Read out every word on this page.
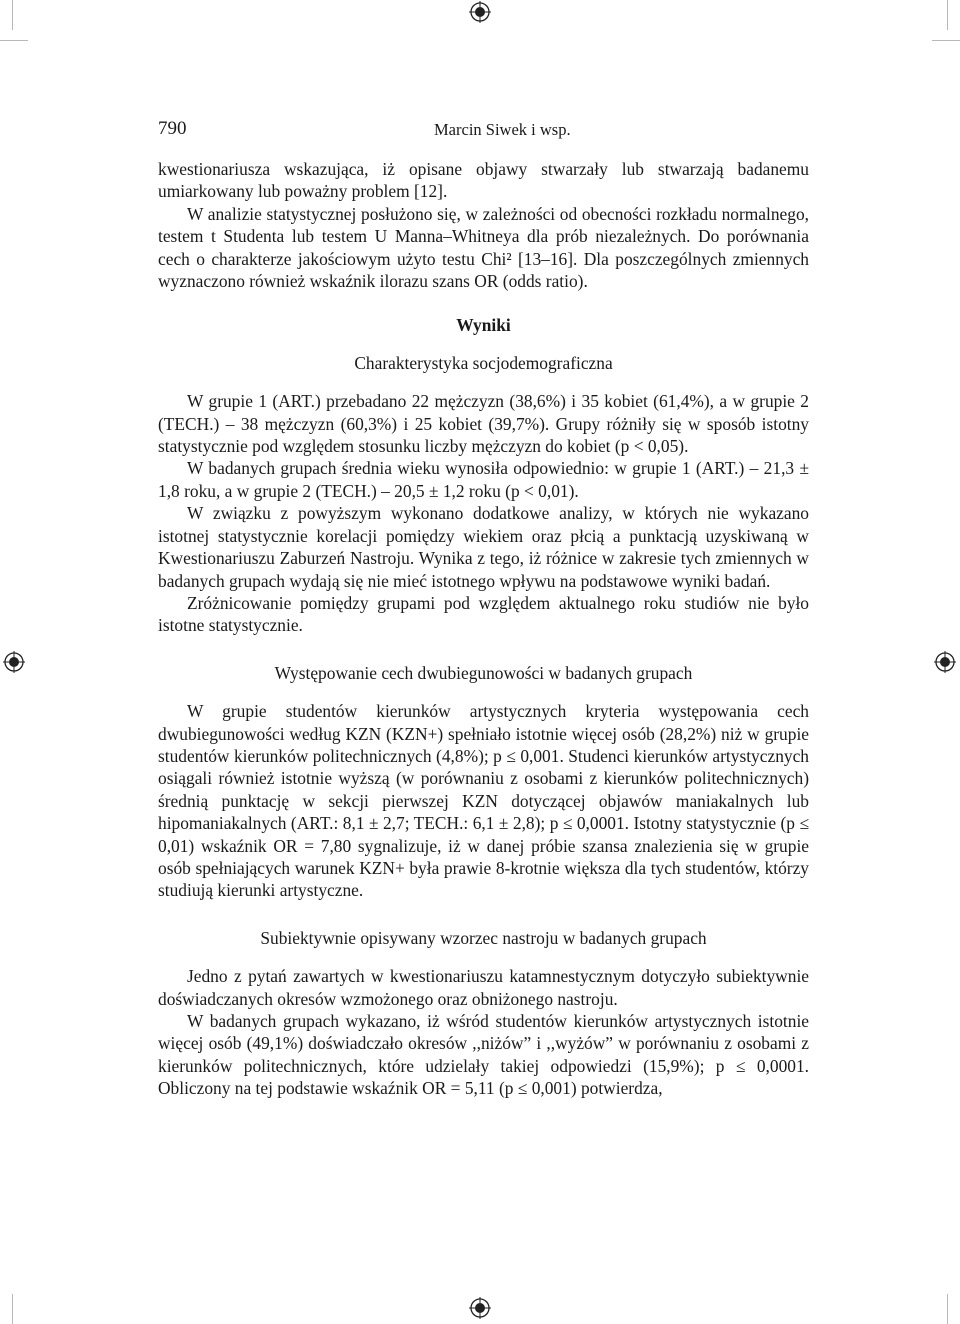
790	Marcin Siwek i wsp.

kwestionariusza wskazująca, iż opisane objawy stwarzały lub stwarzają badanemu umiarkowany lub poważny problem [12].

W analizie statystycznej posłużono się, w zależności od obecności rozkładu normalnego, testem t Studenta lub testem U Manna–Whitneya dla prób niezależnych. Do porównania cech o charakterze jakościowym użyto testu Chi² [13–16]. Dla poszczególnych zmiennych wyznaczono również wskaźnik ilorazu szans OR (odds ratio).

Wyniki

Charakterystyka socjodemograficzna

W grupie 1 (ART.) przebadano 22 mężczyzn (38,6%) i 35 kobiet (61,4%), a w grupie 2 (TECH.) – 38 mężczyzn (60,3%) i 25 kobiet (39,7%). Grupy różniły się w sposób istotny statystycznie pod względem stosunku liczby mężczyzn do kobiet (p < 0,05).

W badanych grupach średnia wieku wynosiła odpowiednio: w grupie 1 (ART.) – 21,3 ± 1,8 roku, a w grupie 2 (TECH.) – 20,5 ± 1,2 roku (p < 0,01).

W związku z powyższym wykonano dodatkowe analizy, w których nie wykazano istotnej statystycznie korelacji pomiędzy wiekiem oraz płcią a punktacją uzyskiwaną w Kwestionariuszu Zaburzeń Nastroju. Wynika z tego, iż różnice w zakresie tych zmiennych w badanych grupach wydają się nie mieć istotnego wpływu na podstawowe wyniki badań.

Zróżnicowanie pomiędzy grupami pod względem aktualnego roku studiów nie było istotne statystycznie.

Występowanie cech dwubiegunowości w badanych grupach

W grupie studentów kierunków artystycznych kryteria występowania cech dwubiegunowości według KZN (KZN+) spełniało istotnie więcej osób (28,2%) niż w grupie studentów kierunków politechnicznych (4,8%); p ≤ 0,001. Studenci kierunków artystycznych osiągali również istotnie wyższą (w porównaniu z osobami z kierunków politechnicznych) średnią punktację w sekcji pierwszej KZN dotyczącej objawów maniakalnych lub hipomaniakalnych (ART.: 8,1 ± 2,7; TECH.: 6,1 ± 2,8); p ≤ 0,0001. Istotny statystycznie (p ≤ 0,01) wskaźnik OR = 7,80 sygnalizuje, iż w danej próbie szansa znalezienia się w grupie osób spełniających warunek KZN+ była prawie 8-krotnie większa dla tych studentów, którzy studiują kierunki artystyczne.

Subiektywnie opisywany wzorzec nastroju w badanych grupach

Jedno z pytań zawartych w kwestionariuszu katamnestycznym dotyczyło subiektywnie doświadczanych okresów wzmożonego oraz obniżonego nastroju.

W badanych grupach wykazano, iż wśród studentów kierunków artystycznych istotnie więcej osób (49,1%) doświadczało okresów ,,niżów” i ,,wyżów” w porównaniu z osobami z kierunków politechnicznych, które udzielały takiej odpowiedzi (15,9%); p ≤ 0,0001. Obliczony na tej podstawie wskaźnik OR = 5,11 (p ≤ 0,001) potwierdza,
